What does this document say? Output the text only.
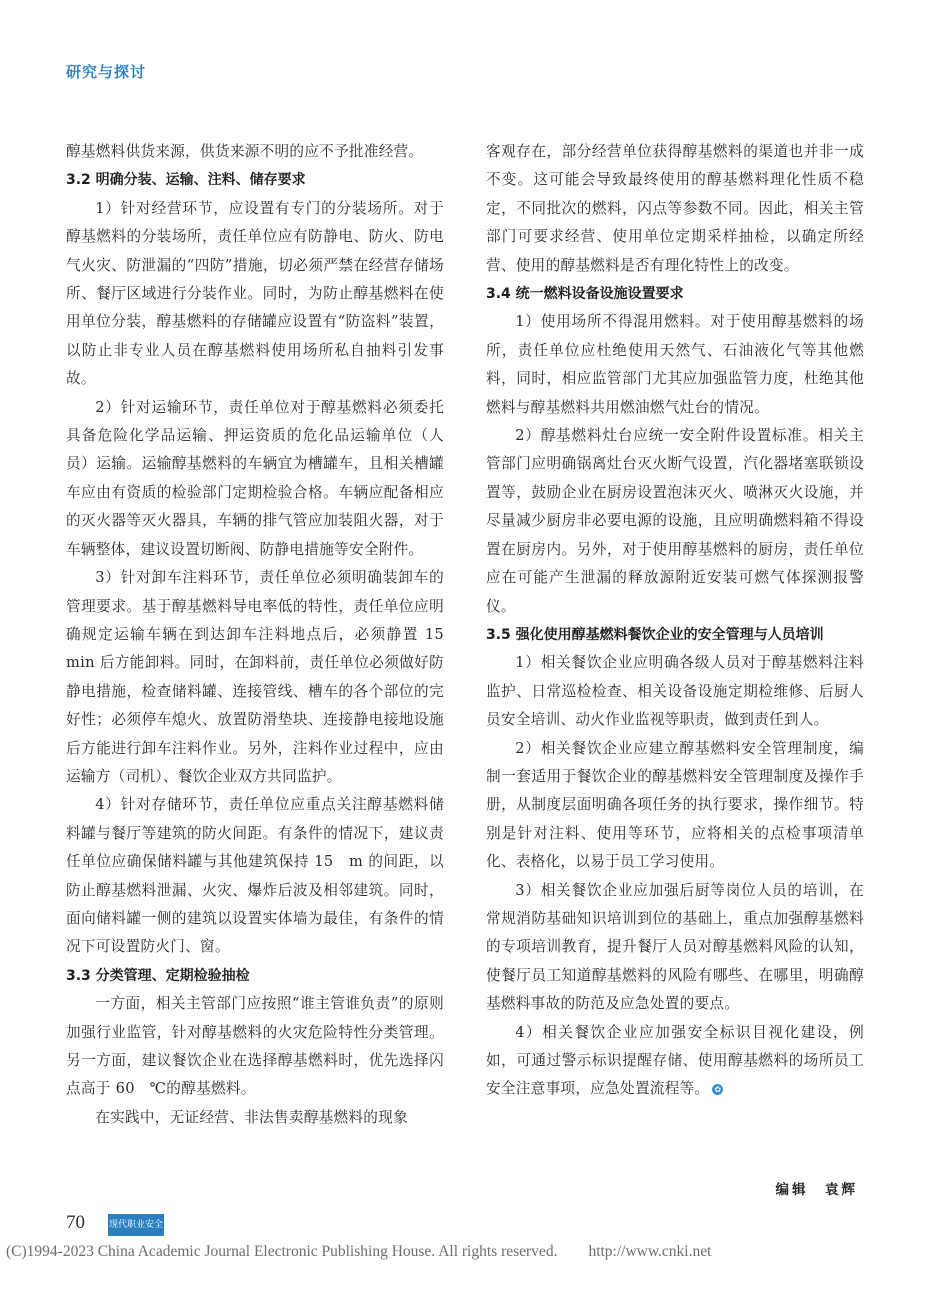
研究与探讨

醇基燃料供货来源，供货来源不明的应不予批准经营。

3.2 明确分装、运输、注料、储存要求

1）针对经营环节，应设置有专门的分装场所。对于醇基燃料的分装场所，责任单位应有防静电、防火、防电气火灾、防泄漏的“四防”措施，切必须严禁在经营存储场所、餐厅区域进行分装作业。同时，为防止醇基燃料在使用单位分装，醇基燃料的存储罐应设置有“防盗料”装置，以防止非专业人员在醇基燃料使用场所私自抽料引发事故。

2）针对运输环节，责任单位对于醇基燃料必须委托具备危险化学品运输、押运资质的危化品运输单位（人员）运输。运输醇基燃料的车辆宜为槽罐车，且相关槽罐车应由有资质的检验部门定期检验合格。车辆应配备相应的灭火器等灭火器具，车辆的排气管应加装阻火器，对于车辆整体，建议设置切断阀、防静电措施等安全附件。

3）针对卸车注料环节，责任单位必须明确装卸车的管理要求。基于醇基燃料导电率低的特性，责任单位应明确规定运输车辆在到达卸车注料地点后，必须静置 15　min 后方能卸料。同时，在卸料前，责任单位必须做好防静电措施，检查储料罐、连接管线、槽车的各个部位的完好性；必须停车熄火、放置防滑垫块、连接静电接地设施后方能进行卸车注料作业。另外，注料作业过程中，应由运输方（司机）、餐饮企业双方共同监护。

4）针对存储环节，责任单位应重点关注醇基燃料储料罐与餐厅等建筑的防火间距。有条件的情况下，建议责任单位应确保储料罐与其他建筑保持 15　m 的间距，以防止醇基燃料泄漏、火灾、爆炸后波及相邻建筑。同时，面向储料罐一侧的建筑以设置实体墙为最佳，有条件的情况下可设置防火门、窗。

3.3 分类管理、定期检验抽检

一方面，相关主管部门应按照“谁主管谁负责”的原则加强行业监管，针对醇基燃料的火灾危险特性分类管理。另一方面，建议餐饮企业在选择醇基燃料时，优先选择闪点高于 60　℃的醇基燃料。

在实践中，无证经营、非法售卖醇基燃料的现象

客观存在，部分经营单位获得醇基燃料的渠道也并非一成不变。这可能会导致最终使用的醇基燃料理化性质不稳定，不同批次的燃料，闪点等参数不同。因此，相关主管部门可要求经营、使用单位定期采样抽检，以确定所经营、使用的醇基燃料是否有理化特性上的改变。

3.4 统一燃料设备设施设置要求

1）使用场所不得混用燃料。对于使用醇基燃料的场所，责任单位应杜绝使用天然气、石油液化气等其他燃料，同时，相应监管部门尤其应加强监管力度，杜绝其他燃料与醇基燃料共用燃油燃气灶台的情况。

2）醇基燃料灶台应统一安全附件设置标准。相关主管部门应明确锅离灶台灭火断气设置，汽化器堵塞联锁设置等，鼓励企业在厨房设置泡沫灭火、喷淋灭火设施，并尽量减少厨房非必要电源的设施，且应明确燃料箱不得设置在厨房内。另外，对于使用醇基燃料的厨房，责任单位应在可能产生泄漏的释放源附近安装可燃气体探测报警仪。

3.5 强化使用醇基燃料餐饮企业的安全管理与人员培训

1）相关餐饮企业应明确各级人员对于醇基燃料注料监护、日常巡检检查、相关设备设施定期检维修、后厨人员安全培训、动火作业监视等职责，做到责任到人。

2）相关餐饮企业应建立醇基燃料安全管理制度，编制一套适用于餐饮企业的醇基燃料安全管理制度及操作手册，从制度层面明确各项任务的执行要求，操作细节。特别是针对注料、使用等环节，应将相关的点检事项清单化、表格化，以易于员工学习使用。

3）相关餐饮企业应加强后厨等岗位人员的培训，在常规消防基础知识培训到位的基础上，重点加强醇基燃料的专项培训教育，提升餐厅人员对醇基燃料风险的认知，使餐厅员工知道醇基燃料的风险有哪些、在哪里，明确醇基燃料事故的防范及应急处置的要点。

4）相关餐饮企业应加强安全标识目视化建设，例如，可通过警示标识提醒存储、使用醇基燃料的场所员工安全注意事项，应急处置流程等。 ✿

编辑　袁辉
70	现代职业安全
(C)1994-2023 China Academic Journal Electronic Publishing House. All rights reserved.　　http://www.cnki.net
